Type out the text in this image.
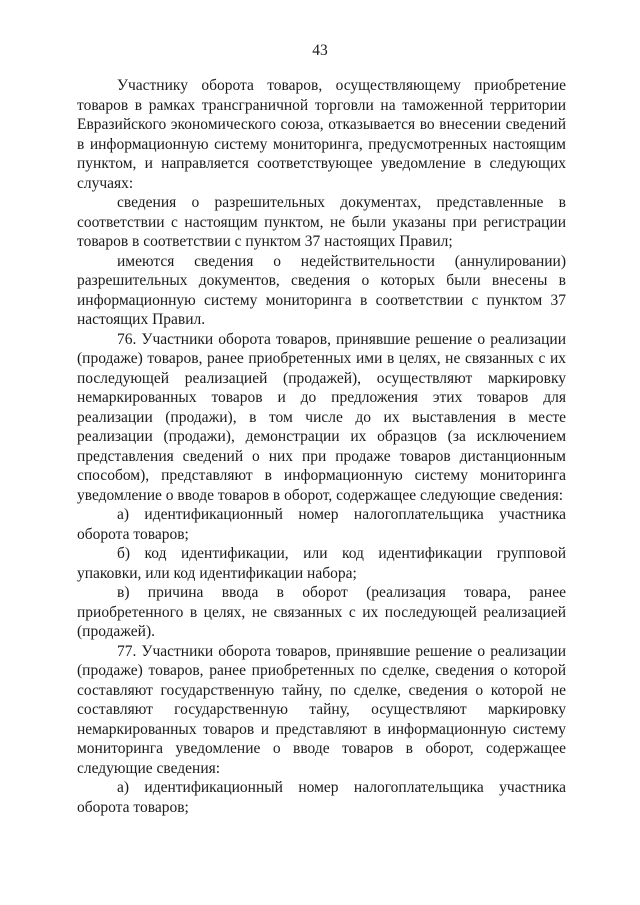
43

Участнику оборота товаров, осуществляющему приобретение товаров в рамках трансграничной торговли на таможенной территории Евразийского экономического союза, отказывается во внесении сведений в информационную систему мониторинга, предусмотренных настоящим пунктом, и направляется соответствующее уведомление в следующих случаях:

сведения о разрешительных документах, представленные в соответствии с настоящим пунктом, не были указаны при регистрации товаров в соответствии с пунктом 37 настоящих Правил;

имеются сведения о недействительности (аннулировании) разрешительных документов, сведения о которых были внесены в информационную систему мониторинга в соответствии с пунктом 37 настоящих Правил.

76. Участники оборота товаров, принявшие решение о реализации (продаже) товаров, ранее приобретенных ими в целях, не связанных с их последующей реализацией (продажей), осуществляют маркировку немаркированных товаров и до предложения этих товаров для реализации (продажи), в том числе до их выставления в месте реализации (продажи), демонстрации их образцов (за исключением представления сведений о них при продаже товаров дистанционным способом), представляют в информационную систему мониторинга уведомление о вводе товаров в оборот, содержащее следующие сведения:

а) идентификационный номер налогоплательщика участника оборота товаров;

б) код идентификации, или код идентификации групповой упаковки, или код идентификации набора;

в) причина ввода в оборот (реализация товара, ранее приобретенного в целях, не связанных с их последующей реализацией (продажей).

77. Участники оборота товаров, принявшие решение о реализации (продаже) товаров, ранее приобретенных по сделке, сведения о которой составляют государственную тайну, по сделке, сведения о которой не составляют государственную тайну, осуществляют маркировку немаркированных товаров и представляют в информационную систему мониторинга уведомление о вводе товаров в оборот, содержащее следующие сведения:

а) идентификационный номер налогоплательщика участника оборота товаров;
